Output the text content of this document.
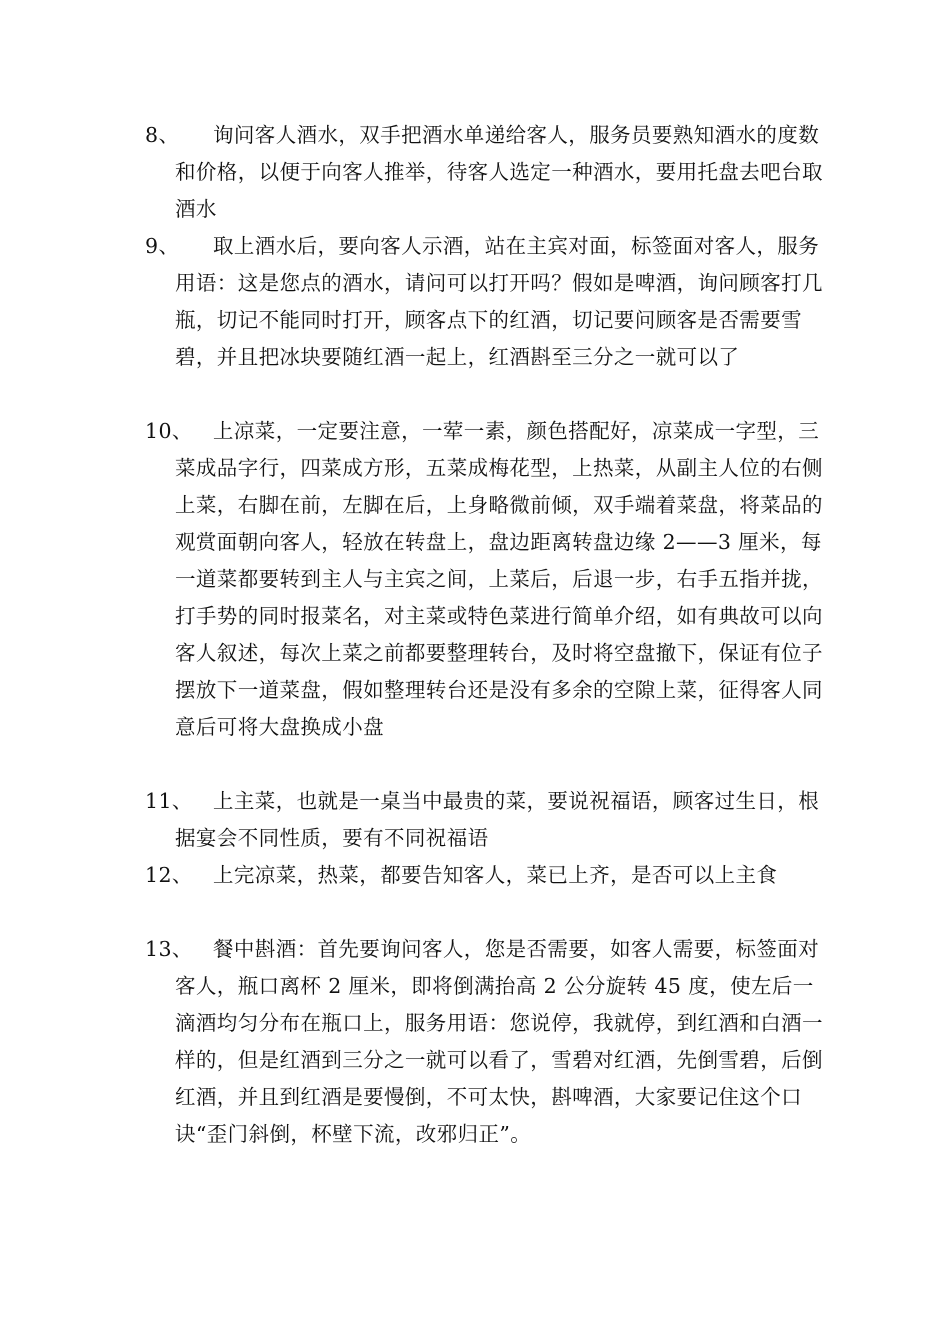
8、	询问客人酒水，双手把酒水单递给客人，服务员要熟知酒水的度数和价格，以便于向客人推举，待客人选定一种酒水，要用托盘去吧台取酒水
9、	取上酒水后，要向客人示酒，站在主宾对面，标签面对客人，服务用语：这是您点的酒水，请问可以打开吗？假如是啤酒，询问顾客打几瓶，切记不能同时打开，顾客点下的红酒，切记要问顾客是否需要雪碧，并且把冰块要随红酒一起上，红酒斟至三分之一就可以了
10、 上凉菜，一定要注意，一荤一素，颜色搭配好，凉菜成一字型，三菜成品字行，四菜成方形，五菜成梅花型，上热菜，从副主人位的右侧上菜，右脚在前，左脚在后，上身略微前倾，双手端着菜盘，将菜品的观赏面朝向客人，轻放在转盘上，盘边距离转盘边缘 2——3 厘米，每一道菜都要转到主人与主宾之间，上菜后，后退一步，右手五指并拢，打手势的同时报菜名，对主菜或特色菜进行简单介绍，如有典故可以向客人叙述，每次上菜之前都要整理转台，及时将空盘撤下，保证有位子摆放下一道菜盘，假如整理转台还是没有多余的空隙上菜，征得客人同意后可将大盘换成小盘
11、 上主菜，也就是一桌当中最贵的菜，要说祝福语，顾客过生日，根据宴会不同性质，要有不同祝福语
12、 上完凉菜，热菜，都要告知客人，菜已上齐，是否可以上主食
13、 餐中斟酒：首先要询问客人，您是否需要，如客人需要，标签面对客人，瓶口离杯 2 厘米，即将倒满抬高 2 公分旋转 45 度，使左后一滴酒均匀分布在瓶口上，服务用语：您说停，我就停，到红酒和白酒一样的，但是红酒到三分之一就可以看了，雪碧对红酒，先倒雪碧，后倒红酒，并且到红酒是要慢倒，不可太快，斟啤酒，大家要记住这个口诀“歪门斜倒，杯壁下流，改邪归正”。
